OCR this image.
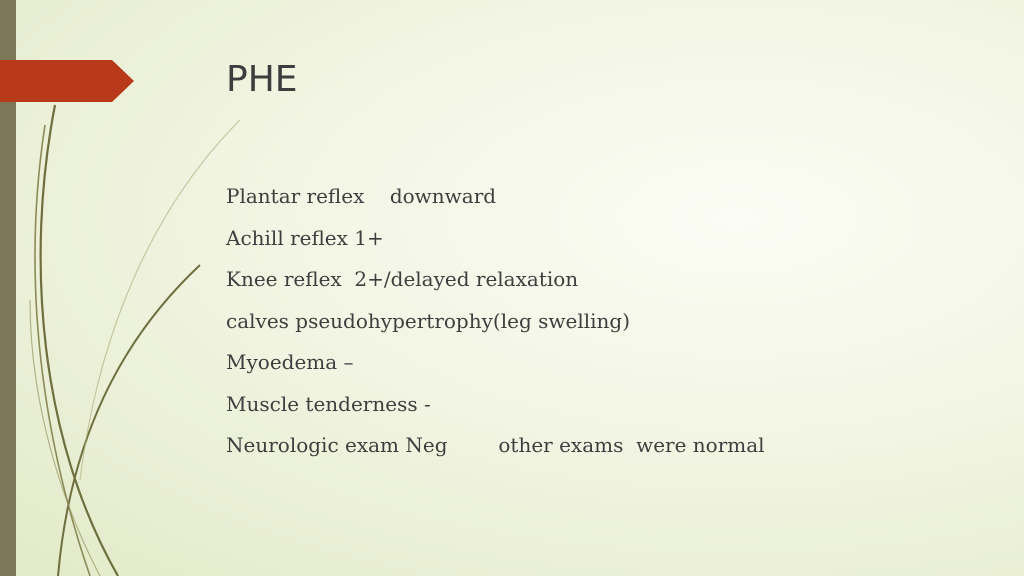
PHE
Plantar reflex    downward
Achill reflex 1+
Knee reflex  2+/delayed relaxation
calves pseudohypertrophy(leg swelling)
Myoedema –
Muscle tenderness -
Neurologic exam Neg        other exams  were normal
